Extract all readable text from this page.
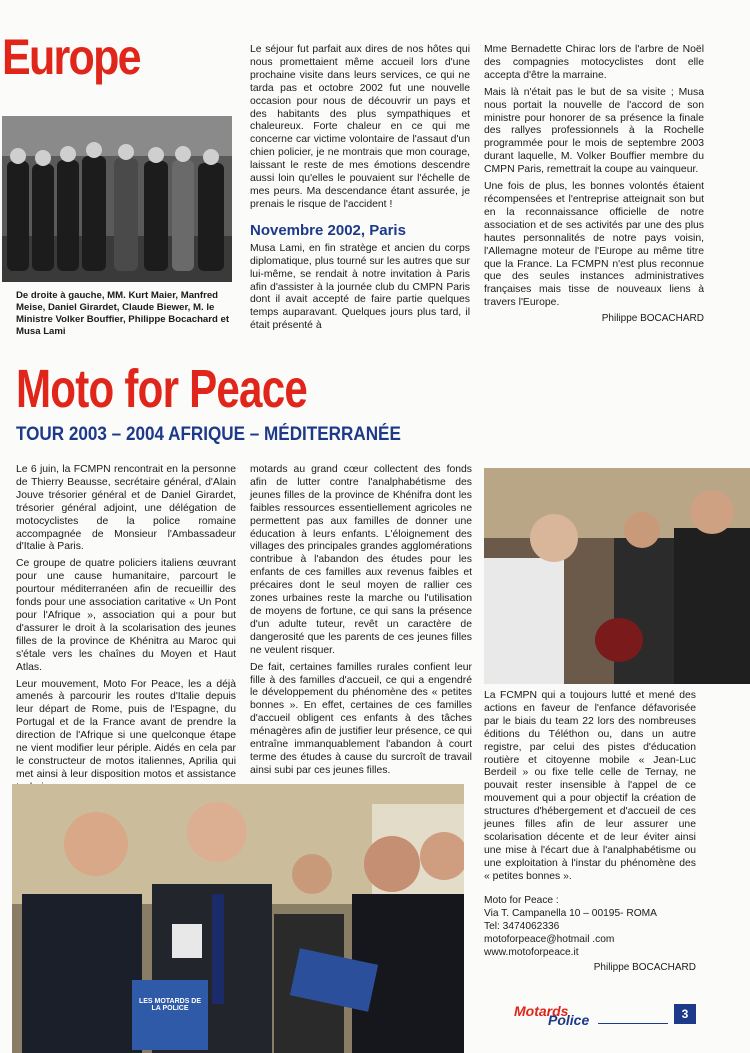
Europe
De droite à gauche, MM. Kurt Maier, Manfred Meise, Daniel Girardet, Claude Biewer, M. le Ministre Volker Bouffier, Philippe Bocachard et Musa Lami

Le séjour fut parfait aux dires de nos hôtes qui nous promettaient même accueil lors d'une prochaine visite dans leurs services, ce qui ne tarda pas et octobre 2002 fut une nouvelle occasion pour nous de découvrir un pays et des habitants des plus sympathiques et chaleureux. Forte chaleur en ce qui me concerne car victime volontaire de l'assaut d'un chien policier, je ne montrais que mon courage, laissant le reste de mes émotions descendre aussi loin qu'elles le pouvaient sur l'échelle de mes peurs. Ma descendance étant assurée, je prenais le risque de l'accident !

Novembre 2002, Paris

Musa Lami, en fin stratège et ancien du corps diplomatique, plus tourné sur les autres que sur lui-même, se rendait à notre invitation à Paris afin d'assister à la journée club du CMPN Paris dont il avait accepté de faire partie quelques temps auparavant. Quelques jours plus tard, il était présenté à

Mme Bernadette Chirac lors de l'arbre de Noël des compagnies motocyclistes dont elle accepta d'être la marraine.

Mais là n'était pas le but de sa visite ; Musa nous portait la nouvelle de l'accord de son ministre pour honorer de sa présence la finale des rallyes professionnels à la Rochelle programmée pour le mois de septembre 2003 durant laquelle, M. Volker Bouffier membre du CMPN Paris, remettrait la coupe au vainqueur.

Une fois de plus, les bonnes volontés étaient récompensées et l'entreprise atteignait son but en la reconnaissance officielle de notre association et de ses activités par une des plus hautes personnalités de notre pays voisin, l'Allemagne moteur de l'Europe au même titre que la France. La FCMPN n'est plus reconnue que des seules instances administratives françaises mais tisse de nouveaux liens à travers l'Europe.

Philippe BOCACHARD
Moto for Peace
TOUR 2003 – 2004 AFRIQUE – MÉDITERRANÉE

Le 6 juin, la FCMPN rencontrait en la personne de Thierry Beausse, secrétaire général, d'Alain Jouve trésorier général et de Daniel Girardet, trésorier général adjoint, une délégation de motocyclistes de la police romaine accompagnée de Monsieur l'Ambassadeur d'Italie à Paris.

Ce groupe de quatre policiers italiens œuvrant pour une cause humanitaire, parcourt le pourtour méditerranéen afin de recueillir des fonds pour une association caritative « Un Pont pour l'Afrique », association qui a pour but d'assurer le droit à la scolarisation des jeunes filles de la province de Khénitra au Maroc qui s'étale vers les chaînes du Moyen et Haut Atlas.

Leur mouvement, Moto For Peace, les a déjà amenés à parcourir les routes d'Italie depuis leur départ de Rome, puis de l'Espagne, du Portugal et de la France avant de prendre la direction de l'Afrique si une quelconque étape ne vient modifier leur périple. Aidés en cela par le constructeur de motos italiennes, Aprilia qui met ainsi à leur disposition motos et assistance

motards au grand cœur collectent des fonds afin de lutter contre l'analphabétisme des jeunes filles de la province de Khénifra dont les faibles ressources essentiellement agricoles ne permettent pas aux familles de donner une éducation à leurs enfants. L'éloignement des villages des principales grandes agglomérations contribue à l'abandon des études pour les enfants de ces familles aux revenus faibles et précaires dont le seul moyen de rallier ces zones urbaines reste la marche ou l'utilisation de moyens de fortune, ce qui sans la présence d'un adulte tuteur, revêt un caractère de dangerosité que les parents de ces jeunes filles ne veulent risquer.

De fait, certaines familles rurales confient leur fille à des familles d'accueil, ce qui a engendré le développement du phénomène des « petites bonnes ». En effet, certaines de ces familles d'accueil obligent ces enfants à des tâches ménagères afin de justifier leur présence, ce qui entraîne immanquablement l'abandon à court terme des études à cause du surcroît de travail ainsi subi par ces jeunes filles.

La FCMPN qui a toujours lutté et mené des actions en faveur de l'enfance défavorisée par le biais du team 22 lors des nombreuses éditions du Téléthon ou, dans un autre registre, par celui des pistes d'éducation routière et citoyenne mobile « Jean-Luc Berdeil » ou fixe telle celle de Ternay, ne pouvait rester insensible à l'appel de ce mouvement qui a pour objectif la création de structures d'hébergement et d'accueil de ces jeunes filles afin de leur assurer une scolarisation décente et de leur éviter ainsi une mise à l'écart due à l'analphabétisme ou une exploitation à l'instar du phénomène des « petites bonnes ».

Moto for Peace :
Via T. Campanella 10 – 00195- ROMA
Tel: 3474062336
motoforpeace@hotmail .com
www.motoforpeace.it
Philippe BOCACHARD
LES MOTARDS DE LA POLICE	Motards
Police	3
